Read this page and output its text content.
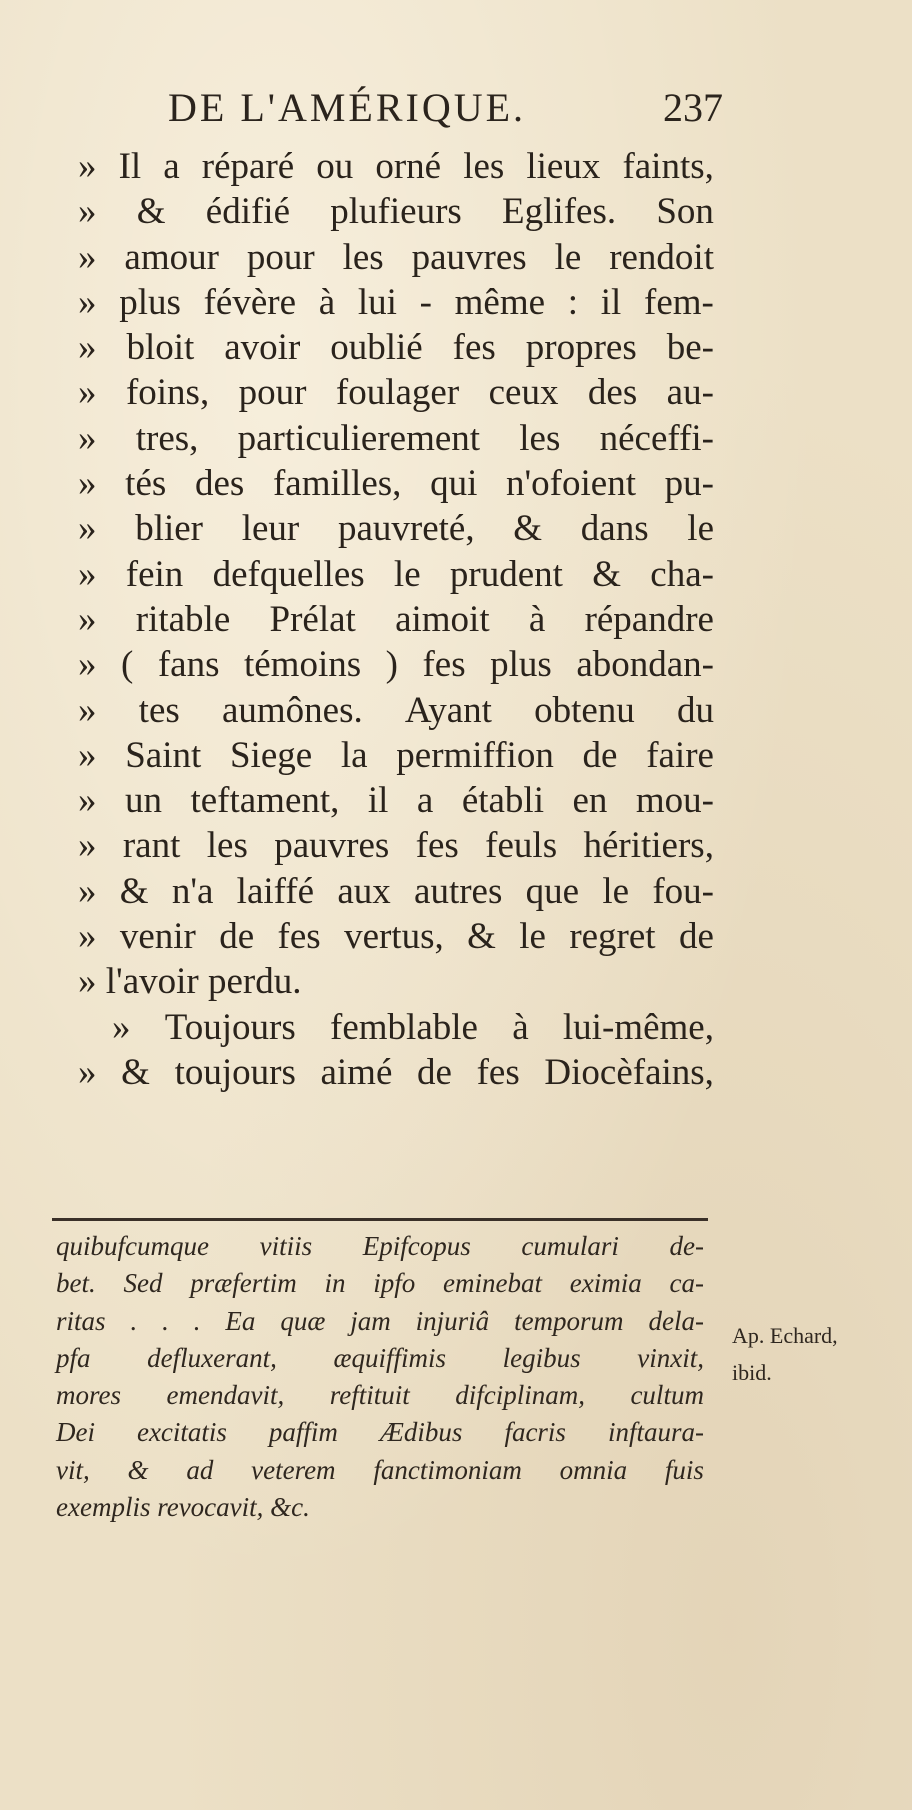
DE L'AMÉRIQUE.	237
» Il a réparé ou orné les lieux faints,
» & édifié plufieurs Eglifes. Son
» amour pour les pauvres le rendoit
» plus févère à lui - même : il fem-
» bloit avoir oublié fes propres be-
» foins, pour foulager ceux des au-
» tres, particulierement les néceffi-
» tés des familles, qui n'ofoient pu-
» blier leur pauvreté, & dans le
» fein defquelles le prudent & cha-
» ritable Prélat aimoit à répandre
» ( fans témoins ) fes plus abondan-
» tes aumônes. Ayant obtenu du
» Saint Siege la permiffion de faire
» un teftament, il a établi en mou-
» rant les pauvres fes feuls héritiers,
» & n'a laiffé aux autres que le fou-
» venir de fes vertus, & le regret de
» l'avoir perdu.
» Toujours femblable à lui-même,
» & toujours aimé de fes Diocèfains,
quibufcumque vitiis Epifcopus cumulari de-
bet. Sed præfertim in ipfo eminebat eximia ca-
ritas . . . Ea quæ jam injuriâ temporum dela-
pfa defluxerant, æquiffimis legibus vinxit,
mores emendavit, reftituit difciplinam, cultum
Dei excitatis paffim Ædibus facris inftaura-
vit, & ad veterem fanctimoniam omnia fuis
exemplis revocavit, &c.
Ap. Echard,
ibid.
